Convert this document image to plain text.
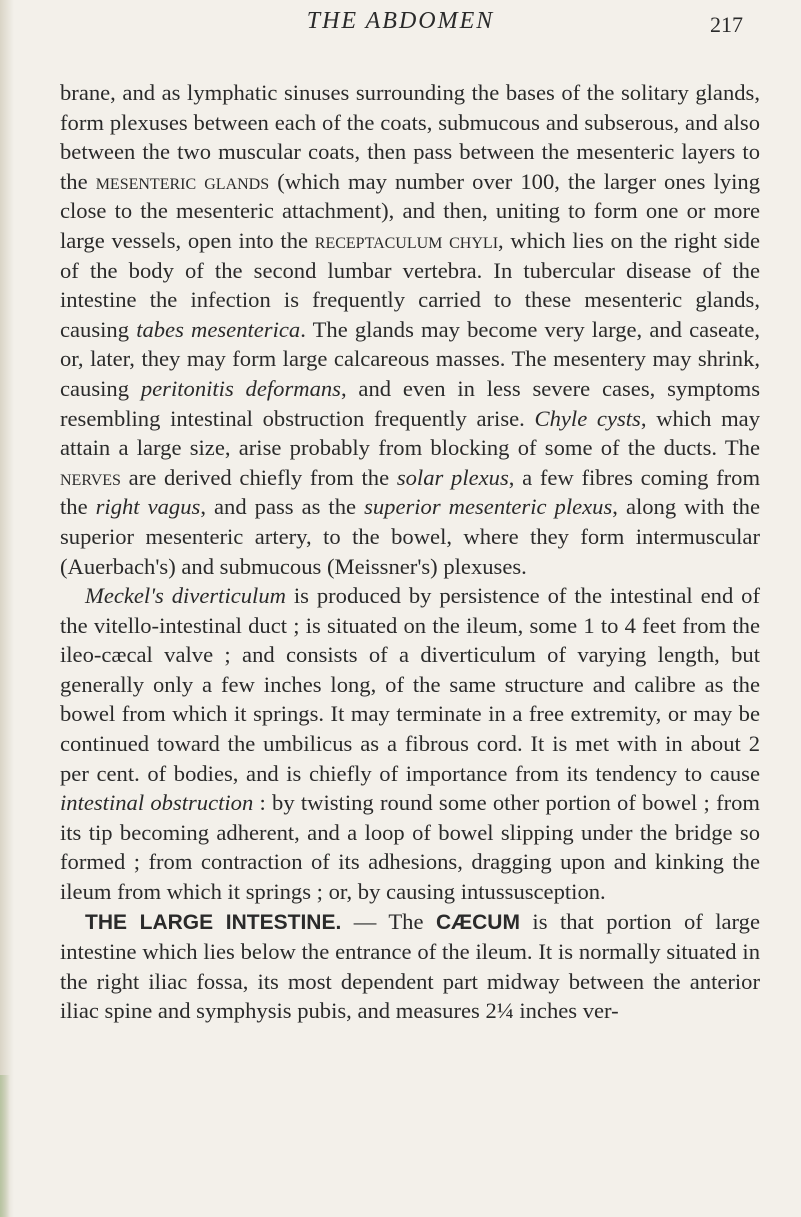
THE ABDOMEN	217

brane, and as lymphatic sinuses surrounding the bases of the solitary glands, form plexuses between each of the coats, submucous and subserous, and also between the two muscular coats, then pass between the mesenteric layers to the mesenteric glands (which may number over 100, the larger ones lying close to the mesenteric attachment), and then, uniting to form one or more large vessels, open into the receptaculum chyli, which lies on the right side of the body of the second lumbar vertebra. In tubercular disease of the intestine the infection is frequently carried to these mesenteric glands, causing tabes mesenterica. The glands may become very large, and caseate, or, later, they may form large calcareous masses. The mesentery may shrink, causing peritonitis deformans, and even in less severe cases, symptoms resembling intestinal obstruction frequently arise. Chyle cysts, which may attain a large size, arise probably from blocking of some of the ducts. The nerves are derived chiefly from the solar plexus, a few fibres coming from the right vagus, and pass as the superior mesenteric plexus, along with the superior mesenteric artery, to the bowel, where they form intermuscular (Auerbach's) and submucous (Meissner's) plexuses.

Meckel's diverticulum is produced by persistence of the intestinal end of the vitello-intestinal duct ; is situated on the ileum, some 1 to 4 feet from the ileo-cæcal valve ; and consists of a diverticulum of varying length, but generally only a few inches long, of the same structure and calibre as the bowel from which it springs. It may terminate in a free extremity, or may be continued toward the umbilicus as a fibrous cord. It is met with in about 2 per cent. of bodies, and is chiefly of importance from its tendency to cause intestinal obstruction : by twisting round some other portion of bowel ; from its tip becoming adherent, and a loop of bowel slipping under the bridge so formed ; from contraction of its adhesions, dragging upon and kinking the ileum from which it springs ; or, by causing intussusception.

THE LARGE INTESTINE. — The CÆCUM is that portion of large intestine which lies below the entrance of the ileum. It is normally situated in the right iliac fossa, its most dependent part midway between the anterior iliac spine and symphysis pubis, and measures 2¼ inches ver-
